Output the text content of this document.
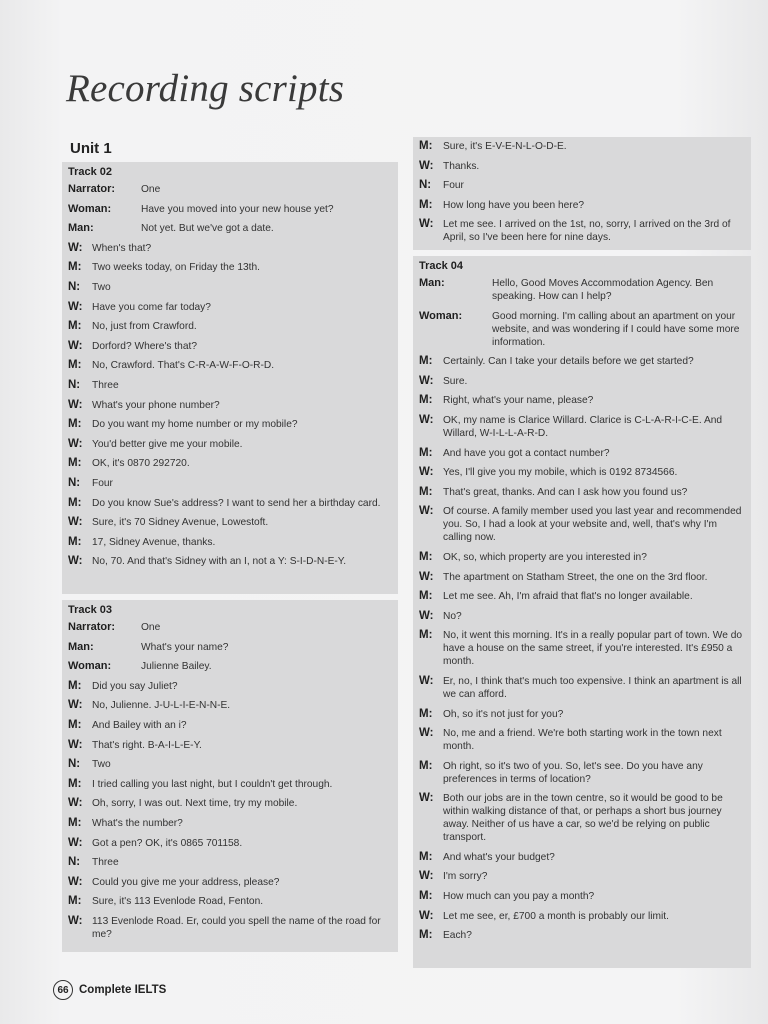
Recording scripts
Unit 1
Track 02
Narrator:	One
Woman:	Have you moved into your new house yet?
Man:	Not yet. But we've got a date.
W: When's that?
M:	Two weeks today, on Friday the 13th.
N:	Two
W: Have you come far today?
M:	No, just from Crawford.
W: Dorford? Where's that?
M:	No, Crawford. That's C-R-A-W-F-O-R-D.
N:	Three
W: What's your phone number?
M:	Do you want my home number or my mobile?
W: You'd better give me your mobile.
M:	OK, it's 0870 292720.
N:	Four
M:	Do you know Sue's address? I want to send her a birthday card.
W: Sure, it's 70 Sidney Avenue, Lowestoft.
M:	17, Sidney Avenue, thanks.
W: No, 70. And that's Sidney with an I, not a Y: S-I-D-N-E-Y.
Track 03
Narrator:	One
Man:	What's your name?
Woman:	Julienne Bailey.
M:	Did you say Juliet?
W: No, Julienne. J-U-L-I-E-N-N-E.
M:	And Bailey with an i?
W: That's right. B-A-I-L-E-Y.
N:	Two
M:	I tried calling you last night, but I couldn't get through.
W: Oh, sorry, I was out. Next time, try my mobile.
M:	What's the number?
W: Got a pen? OK, it's 0865 701158.
N:	Three
W: Could you give me your address, please?
M:	Sure, it's 113 Evenlode Road, Fenton.
W: 113 Evenlode Road. Er, could you spell the name of the road for me?
M:	Sure, it's E-V-E-N-L-O-D-E.
W: Thanks.
N:	Four
M:	How long have you been here?
W: Let me see. I arrived on the 1st, no, sorry, I arrived on the 3rd of April, so I've been here for nine days.
Track 04
Man:	Hello, Good Moves Accommodation Agency. Ben speaking. How can I help?
Woman:	Good morning. I'm calling about an apartment on your website, and was wondering if I could have some more information.
M:	Certainly. Can I take your details before we get started?
W: Sure.
M:	Right, what's your name, please?
W: OK, my name is Clarice Willard. Clarice is C-L-A-R-I-C-E. And Willard, W-I-L-L-A-R-D.
M:	And have you got a contact number?
W: Yes, I'll give you my mobile, which is 0192 8734566.
M:	That's great, thanks. And can I ask how you found us?
W: Of course. A family member used you last year and recommended you. So, I had a look at your website and, well, that's why I'm calling now.
M:	OK, so, which property are you interested in?
W: The apartment on Statham Street, the one on the 3rd floor.
M:	Let me see. Ah, I'm afraid that flat's no longer available.
W: No?
M:	No, it went this morning. It's in a really popular part of town. We do have a house on the same street, if you're interested. It's £950 a month.
W: Er, no, I think that's much too expensive. I think an apartment is all we can afford.
M:	Oh, so it's not just for you?
W: No, me and a friend. We're both starting work in the town next month.
M:	Oh right, so it's two of you. So, let's see. Do you have any preferences in terms of location?
W: Both our jobs are in the town centre, so it would be good to be within walking distance of that, or perhaps a short bus journey away. Neither of us have a car, so we'd be relying on public transport.
M:	And what's your budget?
W: I'm sorry?
M:	How much can you pay a month?
W: Let me see, er, £700 a month is probably our limit.
M:	Each?
66 Complete IELTS
